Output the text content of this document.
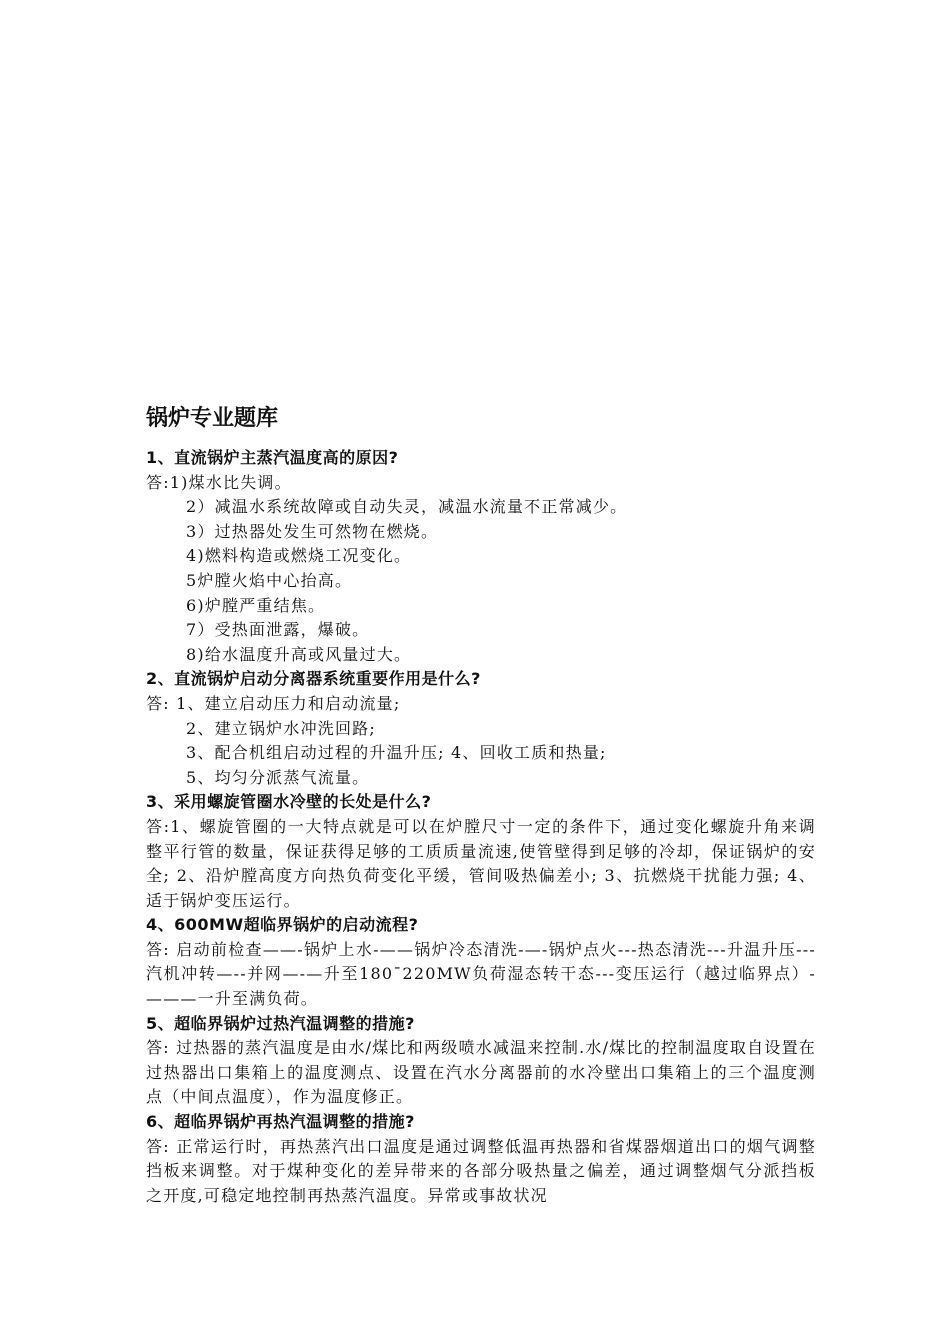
锅炉专业题库
1、直流锅炉主蒸汽温度高的原因?
答:1)煤水比失调。
2）减温水系统故障或自动失灵，减温水流量不正常减少。
3）过热器处发生可然物在燃烧。
4)燃料构造或燃烧工况变化。
5炉膛火焰中心抬高。
6)炉膛严重结焦。
7）受热面泄露，爆破。
8)给水温度升高或风量过大。
2、直流锅炉启动分离器系统重要作用是什么?
答: 1、建立启动压力和启动流量;
2、建立锅炉水冲洗回路;
3、配合机组启动过程的升温升压; 4、回收工质和热量;
5、均匀分派蒸气流量。
3、采用螺旋管圈水冷壁的长处是什么?
答:1、螺旋管圈的一大特点就是可以在炉膛尺寸一定的条件下，通过变化螺旋升角来调整平行管的数量，保证获得足够的工质质量流速,使管壁得到足够的冷却，保证锅炉的安全; 2、沿炉膛高度方向热负荷变化平缓，管间吸热偏差小; 3、抗燃烧干扰能力强; 4、适于锅炉变压运行。
4、600MW超临界锅炉的启动流程?
答: 启动前检查——-锅炉上水-——锅炉冷态清洗-—-锅炉点火---热态清洗---升温升压---汽机冲转—--并网—-—升至180¯220MW负荷湿态转干态---变压运行（越过临界点）-———一升至满负荷。
5、超临界锅炉过热汽温调整的措施?
答: 过热器的蒸汽温度是由水/煤比和两级喷水减温来控制.水/煤比的控制温度取自设置在过热器出口集箱上的温度测点、设置在汽水分离器前的水冷壁出口集箱上的三个温度测点（中间点温度），作为温度修正。
6、超临界锅炉再热汽温调整的措施?
答: 正常运行时，再热蒸汽出口温度是通过调整低温再热器和省煤器烟道出口的烟气调整挡板来调整。对于煤种变化的差异带来的各部分吸热量之偏差，通过调整烟气分派挡板之开度,可稳定地控制再热蒸汽温度。异常或事故状况
